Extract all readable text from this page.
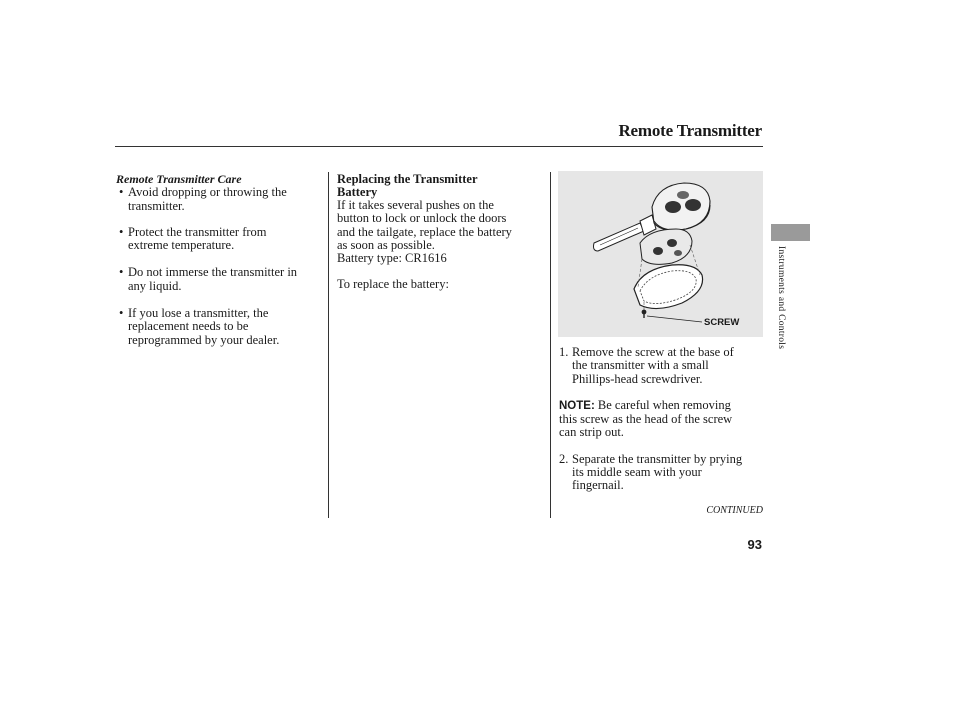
Remote Transmitter
Remote Transmitter Care
• Avoid dropping or throwing the
transmitter.
• Protect the transmitter from
extreme temperature.
• Do not immerse the transmitter in
any liquid.
• If you lose a transmitter, the
replacement needs to be
reprogrammed by your dealer.
Replacing the Transmitter
Battery
If it takes several pushes on the
button to lock or unlock the doors
and the tailgate, replace the battery
as soon as possible.
Battery type: CR1616
To replace the battery:
SCREW
1. Remove the screw at the base of
the transmitter with a small
Phillips-head screwdriver.
NOTE: Be careful when removing
this screw as the head of the screw
can strip out.
2. Separate the transmitter by prying
its middle seam with your
fingernail.
CONTINUED
Instruments and Controls
93
